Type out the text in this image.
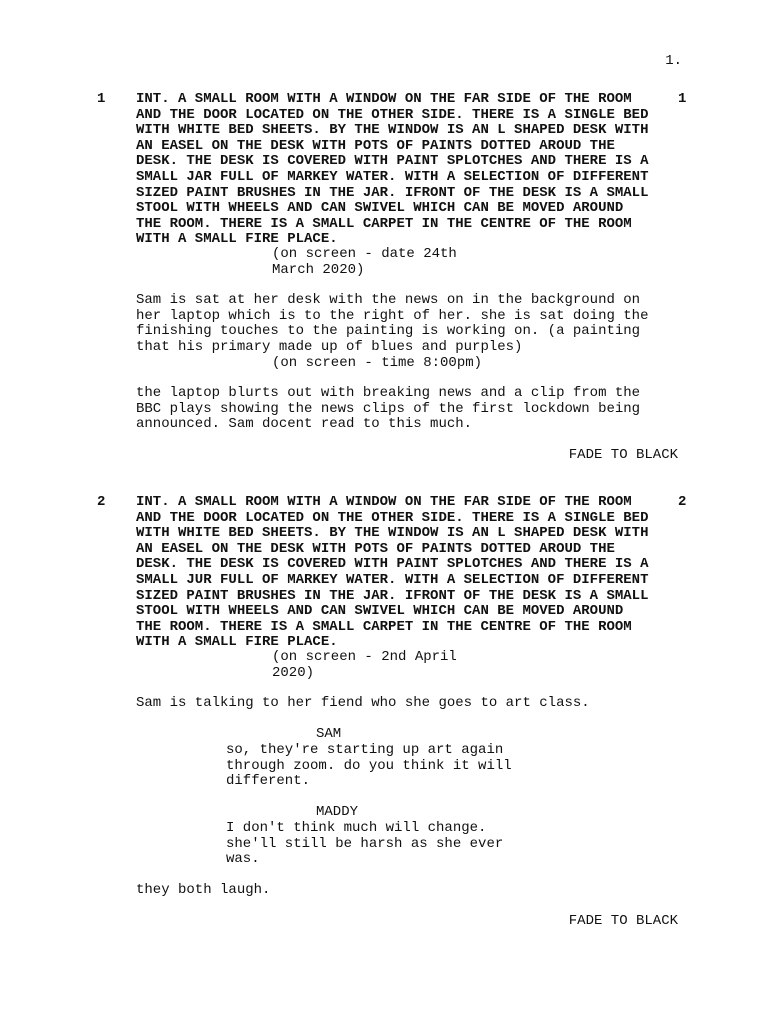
1.
1 INT. A SMALL ROOM WITH A WINDOW ON THE FAR SIDE OF THE ROOM
AND THE DOOR LOCATED ON THE OTHER SIDE. THERE IS A SINGLE BED
WITH WHITE BED SHEETS. BY THE WINDOW IS AN L SHAPED DESK WITH
AN EASEL ON THE DESK WITH POTS OF PAINTS DOTTED AROUD THE
DESK. THE DESK IS COVERED WITH PAINT SPLOTCHES AND THERE IS A
SMALL JAR FULL OF MARKEY WATER. WITH A SELECTION OF DIFFERENT
SIZED PAINT BRUSHES IN THE JAR. IFRONT OF THE DESK IS A SMALL
STOOL WITH WHEELS AND CAN SWIVEL WHICH CAN BE MOVED AROUND
THE ROOM. THERE IS A SMALL CARPET IN THE CENTRE OF THE ROOM
WITH A SMALL FIRE PLACE.
1
(on screen - date 24th
March 2020)
Sam is sat at her desk with the news on in the background on
her laptop which is to the right of her. she is sat doing the
finishing touches to the painting is working on. (a painting
that his primary made up of blues and purples)
(on screen - time 8:00pm)
the laptop blurts out with breaking news and a clip from the
BBC plays showing the news clips of the first lockdown being
announced. Sam docent read to this much.
FADE TO BLACK
2 INT. A SMALL ROOM WITH A WINDOW ON THE FAR SIDE OF THE ROOM
AND THE DOOR LOCATED ON THE OTHER SIDE. THERE IS A SINGLE BED
WITH WHITE BED SHEETS. BY THE WINDOW IS AN L SHAPED DESK WITH
AN EASEL ON THE DESK WITH POTS OF PAINTS DOTTED AROUD THE
DESK. THE DESK IS COVERED WITH PAINT SPLOTCHES AND THERE IS A
SMALL JUR FULL OF MARKEY WATER. WITH A SELECTION OF DIFFERENT
SIZED PAINT BRUSHES IN THE JAR. IFRONT OF THE DESK IS A SMALL
STOOL WITH WHEELS AND CAN SWIVEL WHICH CAN BE MOVED AROUND
THE ROOM. THERE IS A SMALL CARPET IN THE CENTRE OF THE ROOM
WITH A SMALL FIRE PLACE.
2
(on screen - 2nd April
2020)
Sam is talking to her fiend who she goes to art class.
SAM
so, they're starting up art again
through zoom. do you think it will
different.
MADDY
I don't think much will change.
she'll still be harsh as she ever
was.
they both laugh.
FADE TO BLACK
